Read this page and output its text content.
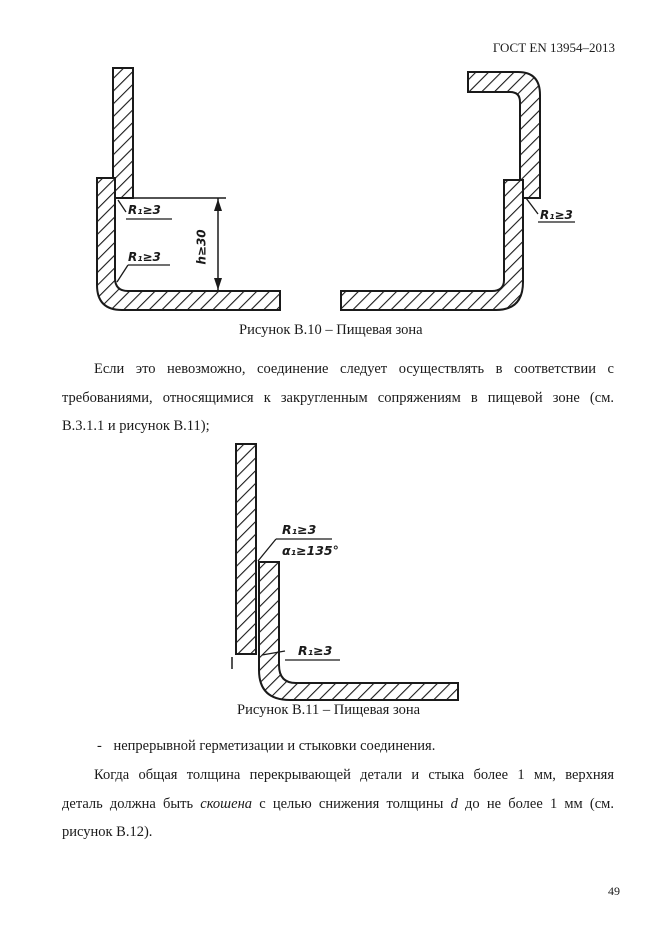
ГОСТ EN 13954–2013
R₁≥3
R₁≥3	h≥30
R₁≥3
Рисунок В.10 – Пищевая зона
Если это невозможно, соединение следует осуществлять в соответствии с
требованиями, относящимися к закругленным сопряжениям в пищевой зоне (см.
В.3.1.1 и рисунок В.11);
R₁≥3
α₁≥135°
R₁≥3
Рисунок В.11 – Пищевая зона
- непрерывной герметизации и стыковки соединения.
Когда общая толщина перекрывающей детали и стыка более 1 мм, верхняя
деталь должна быть скошена с целью снижения толщины d до не более 1 мм (см.
рисунок В.12).
49
